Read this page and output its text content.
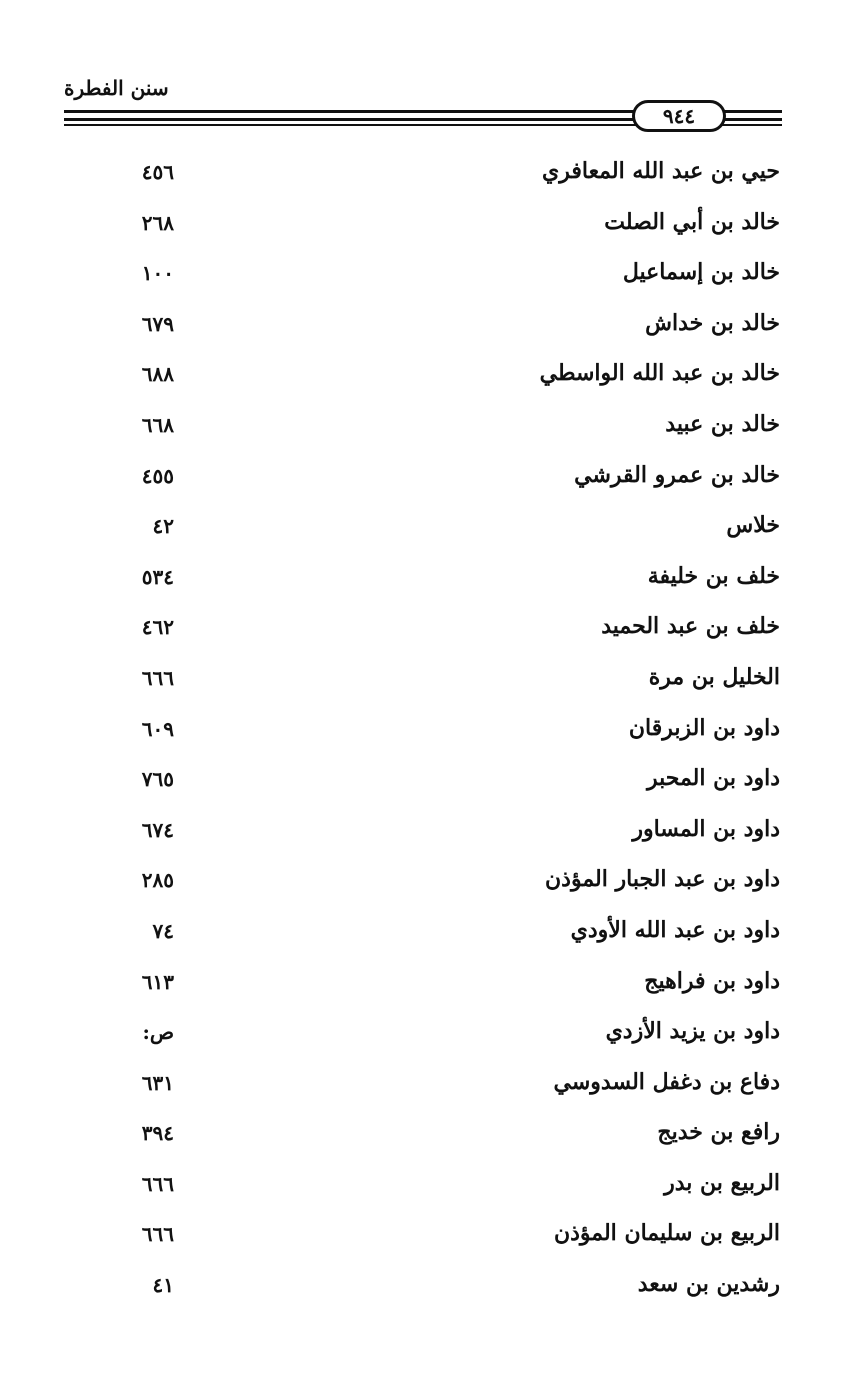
سنن الفطرة
٩٤٤
حيي بن عبد الله المعافري
٤٥٦
خالد بن أبي الصلت
٢٦٨
خالد بن إسماعيل
١٠٠
خالد بن خداش
٦٧٩
خالد بن عبد الله الواسطي
٦٨٨
خالد بن عبيد
٦٦٨
خالد بن عمرو القرشي
٤٥٥
خلاس
٤٢
خلف بن خليفة
٥٣٤
خلف بن عبد الحميد
٤٦٢
الخليل بن مرة
٦٦٦
داود بن الزبرقان
٦٠٩
داود بن المحبر
٧٦٥
داود بن المساور
٦٧٤
داود بن عبد الجبار المؤذن
٢٨٥
داود بن عبد الله الأودي
٧٤
داود بن فراهيج
٦١٣
داود بن يزيد الأزدي
ص:
دفاع بن دغفل السدوسي
٦٣١
رافع بن خديج
٣٩٤
الربيع بن بدر
٦٦٦
الربيع بن سليمان المؤذن
٦٦٦
رشدين بن سعد
٤١
